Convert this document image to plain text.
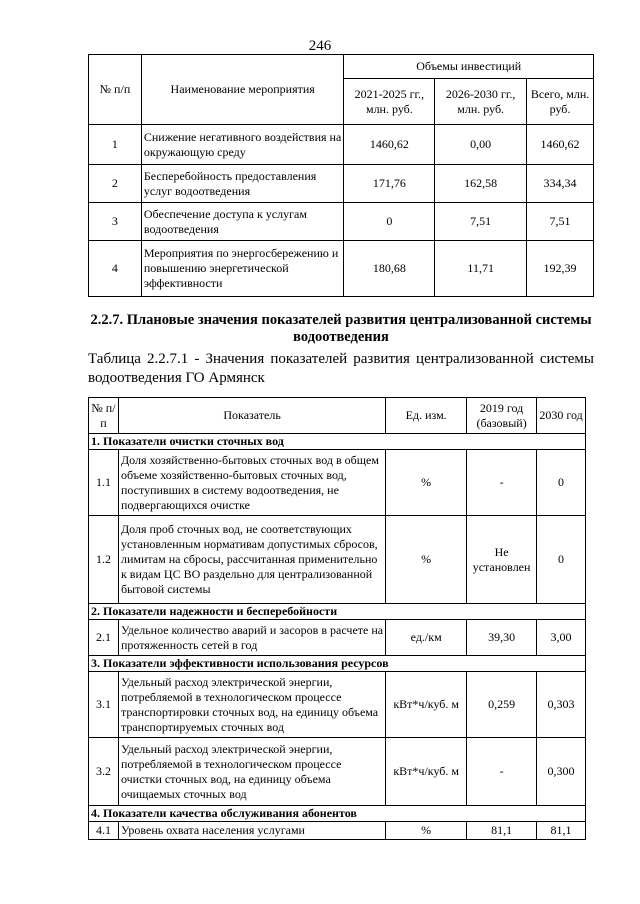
246
№ п/п	Наименование мероприятия	Объемы инвестиций		
		2021-2025 гг., млн. руб.	2026-2030 гг., млн. руб.	Всего, млн. руб.
1	Снижение негативного воздействия на окружающую среду	1460,62	0,00	1460,62
2	Бесперебойность предоставления услуг водоотведения	171,76	162,58	334,34
3	Обеспечение доступа к услугам водоотведения	0	7,51	7,51
4	Мероприятия по энергосбережению и повышению энергетической эффективности	180,68	11,71	192,39
2.2.7. Плановые значения показателей развития централизованной системы водоотведения
Таблица 2.2.7.1 - Значения показателей развития централизованной системы водоотведения ГО Армянск
№ п/п	Показатель	Ед. изм.	2019 год (базовый)	2030 год
1. Показатели очистки сточных вод				
1.1	Доля хозяйственно-бытовых сточных вод в общем объеме хозяйственно-бытовых сточных вод, поступивших в систему водоотведения, не подвергающихся очистке	%	-	0
1.2	Доля проб сточных вод, не соответствующих установленным нормативам допустимых сбросов, лимитам на сбросы, рассчитанная применительно к видам ЦС ВО раздельно для централизованной бытовой системы	%	Не установлен	0
2. Показатели надежности и бесперебойности				
2.1	Удельное количество аварий и засоров в расчете на протяженность сетей в год	ед./км	39,30	3,00
3. Показатели эффективности использования ресурсов				
3.1	Удельный расход электрической энергии, потребляемой в технологическом процессе транспортировки сточных вод, на единицу объема транспортируемых сточных вод	кВт*ч/куб. м	0,259	0,303
3.2	Удельный расход электрической энергии, потребляемой в технологическом процессе очистки сточных вод, на единицу объема очищаемых сточных вод	кВт*ч/куб. м	-	0,300
4. Показатели качества обслуживания абонентов				
4.1	Уровень охвата населения услугами	%	81,1	81,1
